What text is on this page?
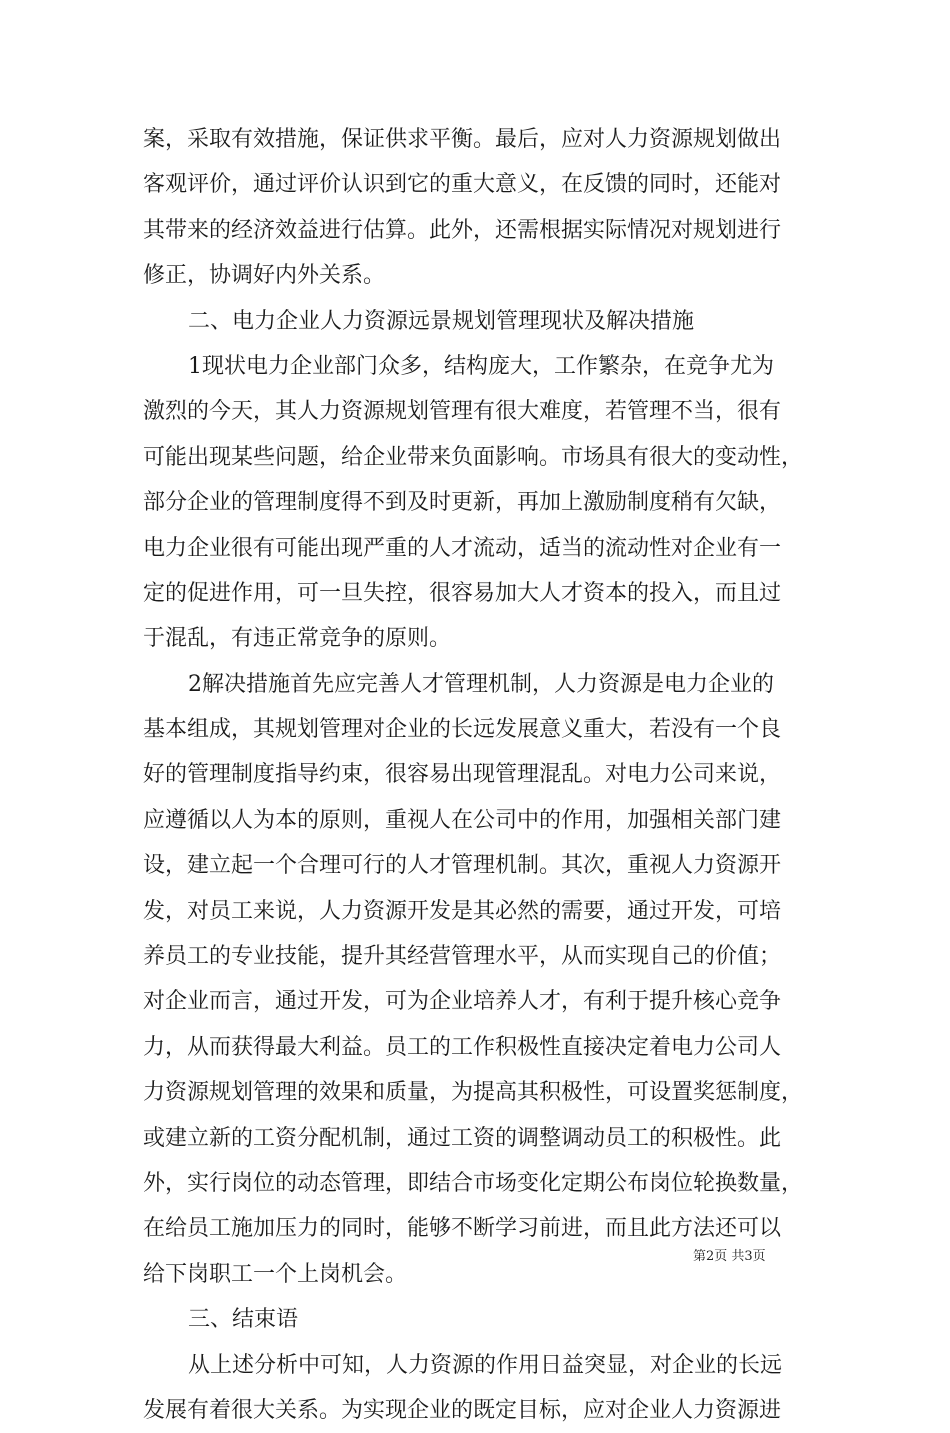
案，采取有效措施，保证供求平衡。最后，应对人力资源规划做出
客观评价，通过评价认识到它的重大意义，在反馈的同时，还能对
其带来的经济效益进行估算。此外，还需根据实际情况对规划进行
修正，协调好内外关系。
二、电力企业人力资源远景规划管理现状及解决措施
1现状电力企业部门众多，结构庞大，工作繁杂，在竞争尤为
激烈的今天，其人力资源规划管理有很大难度，若管理不当，很有
可能出现某些问题，给企业带来负面影响。市场具有很大的变动性，
部分企业的管理制度得不到及时更新，再加上激励制度稍有欠缺，
电力企业很有可能出现严重的人才流动，适当的流动性对企业有一
定的促进作用，可一旦失控，很容易加大人才资本的投入，而且过
于混乱，有违正常竞争的原则。
2解决措施首先应完善人才管理机制，人力资源是电力企业的
基本组成，其规划管理对企业的长远发展意义重大，若没有一个良
好的管理制度指导约束，很容易出现管理混乱。对电力公司来说，
应遵循以人为本的原则，重视人在公司中的作用，加强相关部门建
设，建立起一个合理可行的人才管理机制。其次，重视人力资源开
发，对员工来说，人力资源开发是其必然的需要，通过开发，可培
养员工的专业技能，提升其经营管理水平，从而实现自己的价值；
对企业而言，通过开发，可为企业培养人才，有利于提升核心竞争
力，从而获得最大利益。员工的工作积极性直接决定着电力公司人
力资源规划管理的效果和质量，为提高其积极性，可设置奖惩制度，
或建立新的工资分配机制，通过工资的调整调动员工的积极性。此
外，实行岗位的动态管理，即结合市场变化定期公布岗位轮换数量，
在给员工施加压力的同时，能够不断学习前进，而且此方法还可以
给下岗职工一个上岗机会。
三、结束语
从上述分析中可知，人力资源的作用日益突显，对企业的长远
发展有着很大关系。为实现企业的既定目标，应对企业人力资源进
第2页 共3页
